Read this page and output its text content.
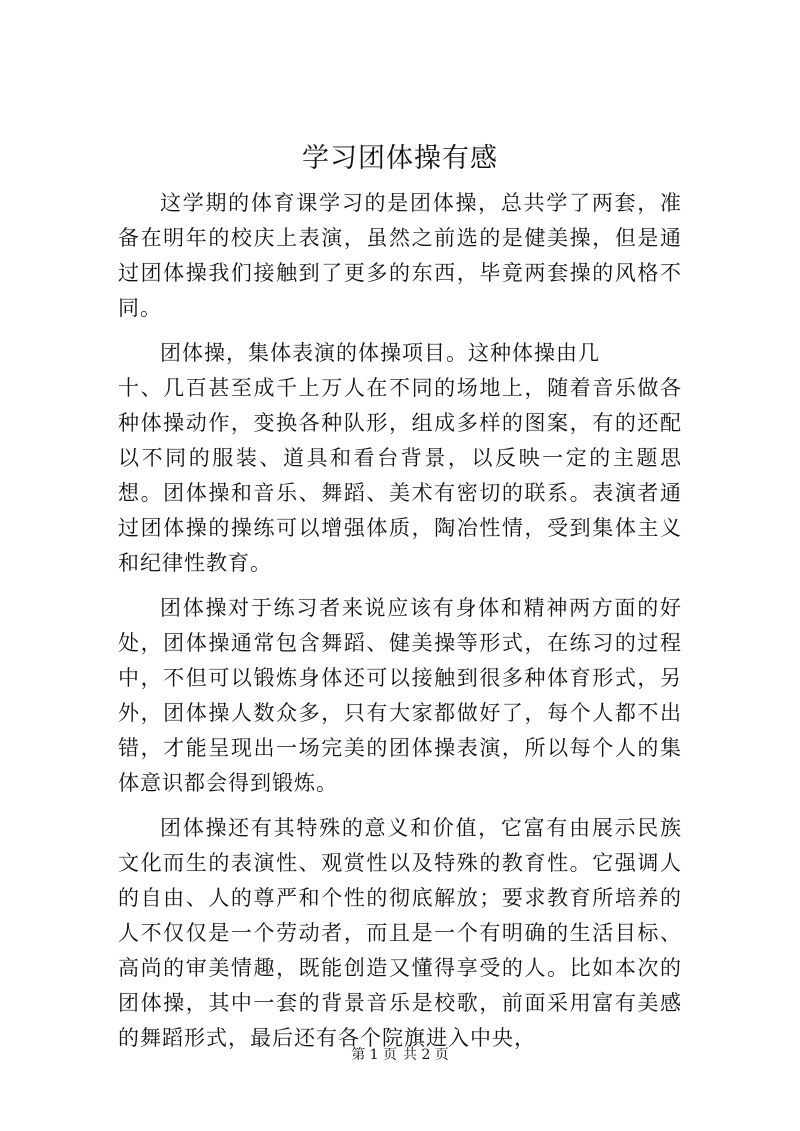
学习团体操有感

这学期的体育课学习的是团体操，总共学了两套，准备在明年的校庆上表演，虽然之前选的是健美操，但是通过团体操我们接触到了更多的东西，毕竟两套操的风格不同。

团体操，集体表演的体操项目。这种体操由几

十、几百甚至成千上万人在不同的场地上，随着音乐做各种体操动作，变换各种队形，组成多样的图案，有的还配以不同的服装、道具和看台背景，以反映一定的主题思想。团体操和音乐、舞蹈、美术有密切的联系。表演者通过团体操的操练可以增强体质，陶冶性情，受到集体主义和纪律性教育。

团体操对于练习者来说应该有身体和精神两方面的好处，团体操通常包含舞蹈、健美操等形式，在练习的过程中，不但可以锻炼身体还可以接触到很多种体育形式，另外，团体操人数众多，只有大家都做好了，每个人都不出错，才能呈现出一场完美的团体操表演，所以每个人的集体意识都会得到锻炼。

团体操还有其特殊的意义和价值，它富有由展示民族文化而生的表演性、观赏性以及特殊的教育性。它强调人的自由、人的尊严和个性的彻底解放；要求教育所培养的人不仅仅是一个劳动者，而且是一个有明确的生活目标、高尚的审美情趣，既能创造又懂得享受的人。比如本次的团体操，其中一套的背景音乐是校歌，前面采用富有美感的舞蹈形式，最后还有各个院旗进入中央，

第 1 页 共 2 页
